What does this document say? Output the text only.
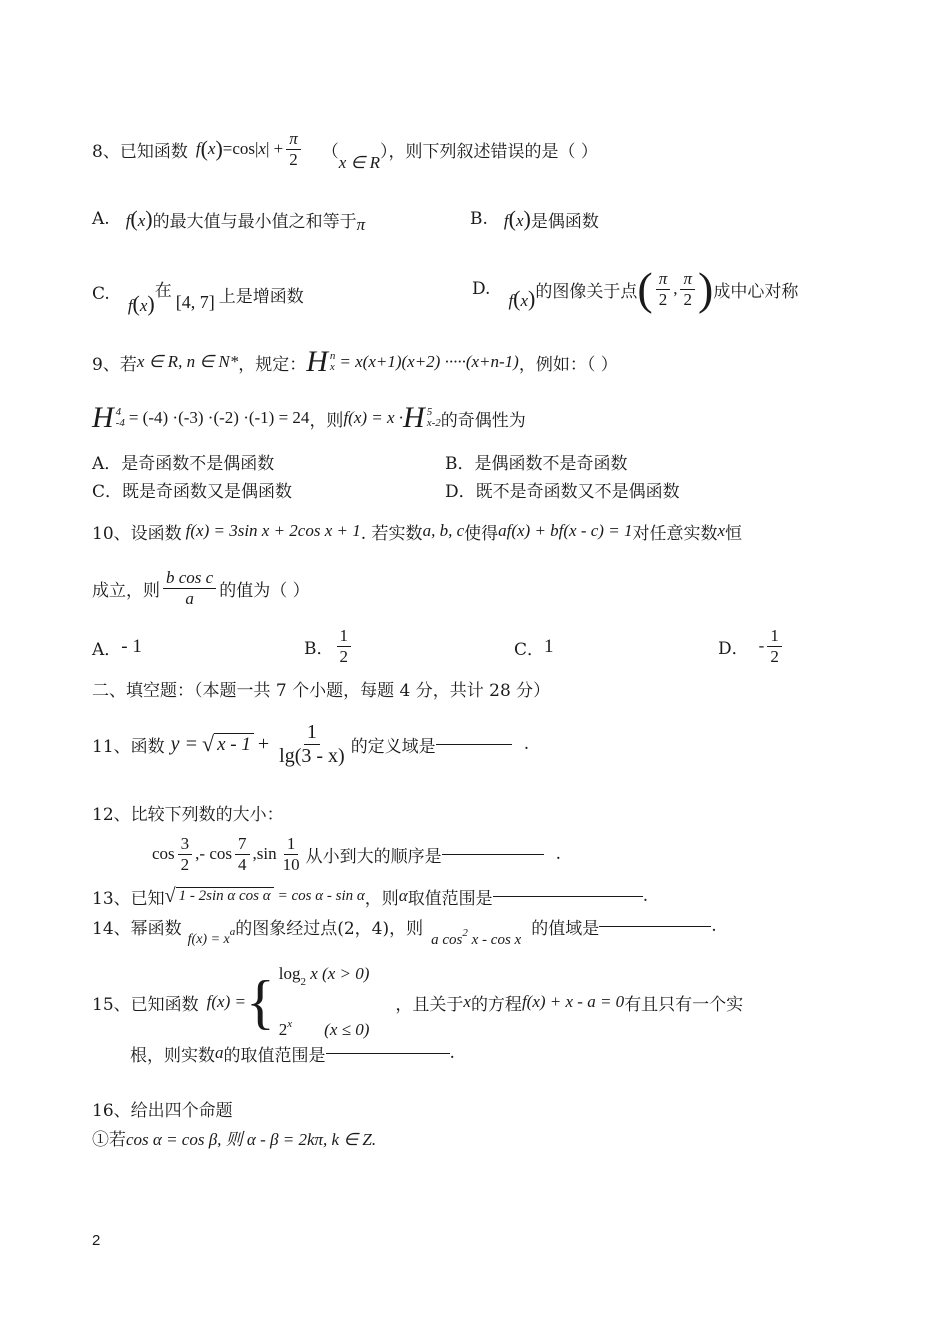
8、已知函数 f ( x ) $=\cos|x| + \frac{\pi}{2}$ （
x ∈ R
），则下列叙述错误的是（ ）
A. f(x) 的最大值与最小值之和等于 π	B. f(x) 是偶函数
C.
f(x)
在
[4, 7] 上是增函数	D.
f(x) 的图像关于点 ( $\frac{\pi}{2}$ , $\frac{\pi}{2}$ ) 成中心对称
9、若 x ∈ R, n ∈ N* ，规定： H n
x = x(x+1)(x+2) ·····(x+n-1) ，例如：（ ）
H 4
-4 = (-4) ·(-3) ·(-2) ·(-1) = 24 ，则 f(x) = x · H 5
x-2 的奇偶性为
A．是奇函数不是偶函数	B．是偶函数不是奇函数
C．既是奇函数又是偶函数	D．既不是奇函数又不是偶函数
10、设函数 f(x) = 3sin x + 2cos x + 1 . 若实数 a, b, c 使得 af(x) + bf(x - c) = 1 对任意实数 x 恒
成立，则 $\frac{\text{b cos c}}{a}$ 的值为（ ）
A． - 1	B． $\frac{1}{2}$	C． 1	D． - $\frac{1}{2}$
二、填空题：（本题一共 7 个小题，每题 4 分，共计 28 分）
11、函数 y = √ $x - 1 + \frac{1}{\lg(3 - x)}$ 的定义域是	.
12、比较下列数的大小：
$\cos \frac{3}{2}$ ,- $\cos \frac{7}{4} ,\sin \frac{1}{10}$ 从小到大的顺序是	.
13、已知 √ 1 - 2sin α cos α = cos α - sin α ，则 α 取值范围是	.
14、幂函数
$f(x) = x^a$ 的图象经过点(2，4)，则
a $\cos^2 x$ - cos x
的值域是	.
15、已知函数 f(x) = { $\log_2 x$ (x > 0)
2$^x$ (x ≤ 0)
，且关于 x 的方程 f(x) + x - a = 0 有且只有一个实
根，则实数 a 的取值范围是	.
16、给出四个命题
①若 cos α = cos β, 则 α - β = 2kπ, k ∈ Z.
2
